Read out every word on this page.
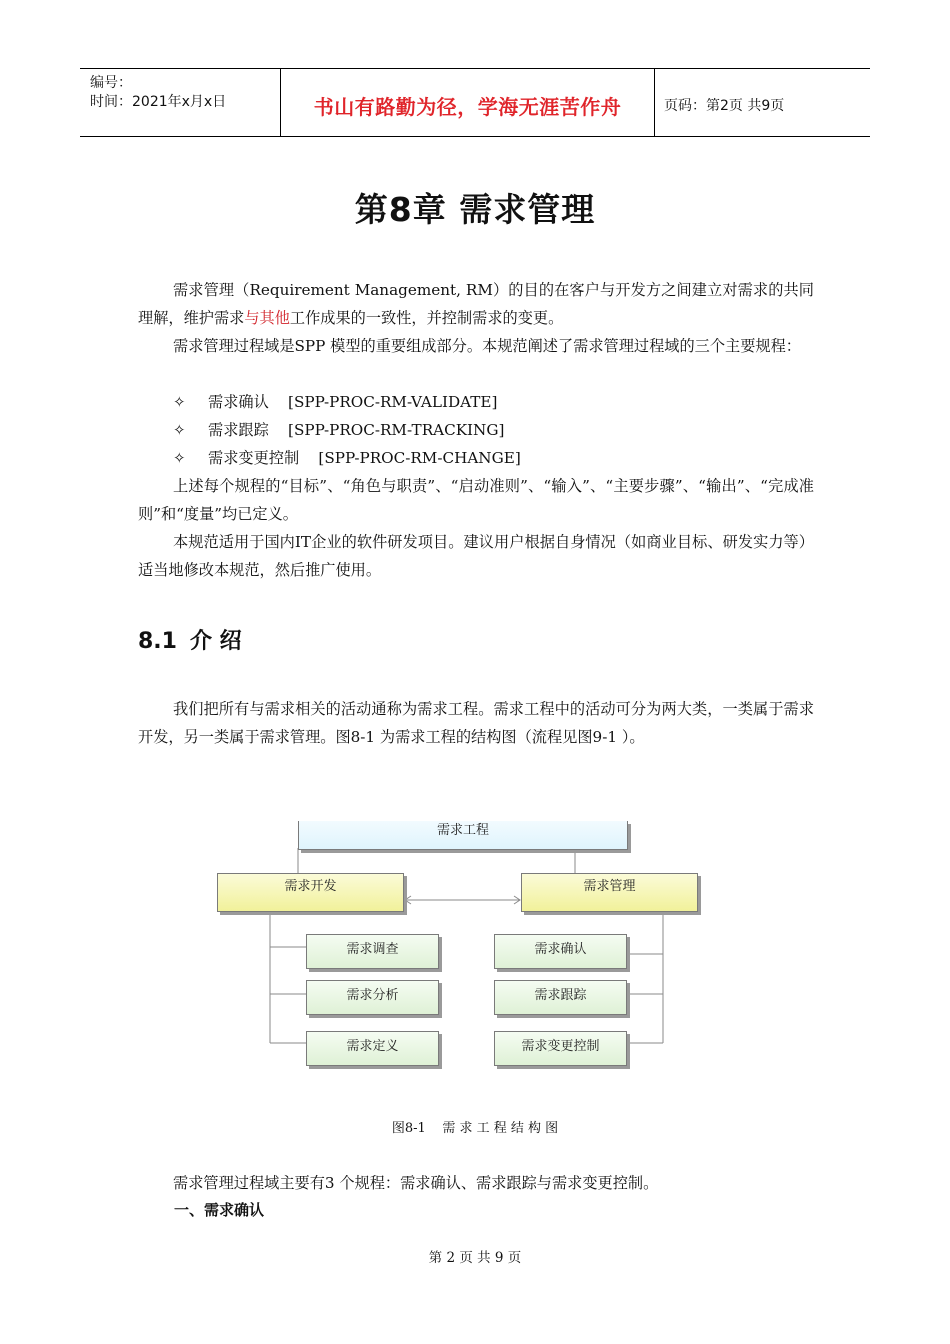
编号：
时间：2021年x月x日	书山有路勤为径，学海无涯苦作舟	页码：第2页 共9页
第8章 需求管理
需求管理（Requirement Management, RM）的目的在客户与开发方之间建立对需求的共同理解，维护需求与其他工作成果的一致性，并控制需求的变更。
需求管理过程域是SPP 模型的重要组成部分。本规范阐述了需求管理过程域的三个主要规程：
✧ 需求确认    [SPP-PROC-RM-VALIDATE]
✧ 需求跟踪    [SPP-PROC-RM-TRACKING]
✧ 需求变更控制    [SPP-PROC-RM-CHANGE]
上述每个规程的“目标”、“角色与职责”、“启动准则”、“输入”、“主要步骤”、“输出”、“完成准则”和“度量”均已定义。
本规范适用于国内IT企业的软件研发项目。建议用户根据自身情况（如商业目标、研发实力等）适当地修改本规范，然后推广使用。
8.1 介 绍
我们把所有与需求相关的活动通称为需求工程。需求工程中的活动可分为两大类，一类属于需求开发，另一类属于需求管理。图8-1 为需求工程的结构图（流程见图9-1 ）。
需求工程
需求开发	需求管理
需求调查
需求分析
需求定义
需求确认
需求跟踪
需求变更控制
图8-1    需 求 工 程 结 构 图
需求管理过程域主要有3 个规程：需求确认、需求跟踪与需求变更控制。
一、需求确认
第 2 页 共 9 页
